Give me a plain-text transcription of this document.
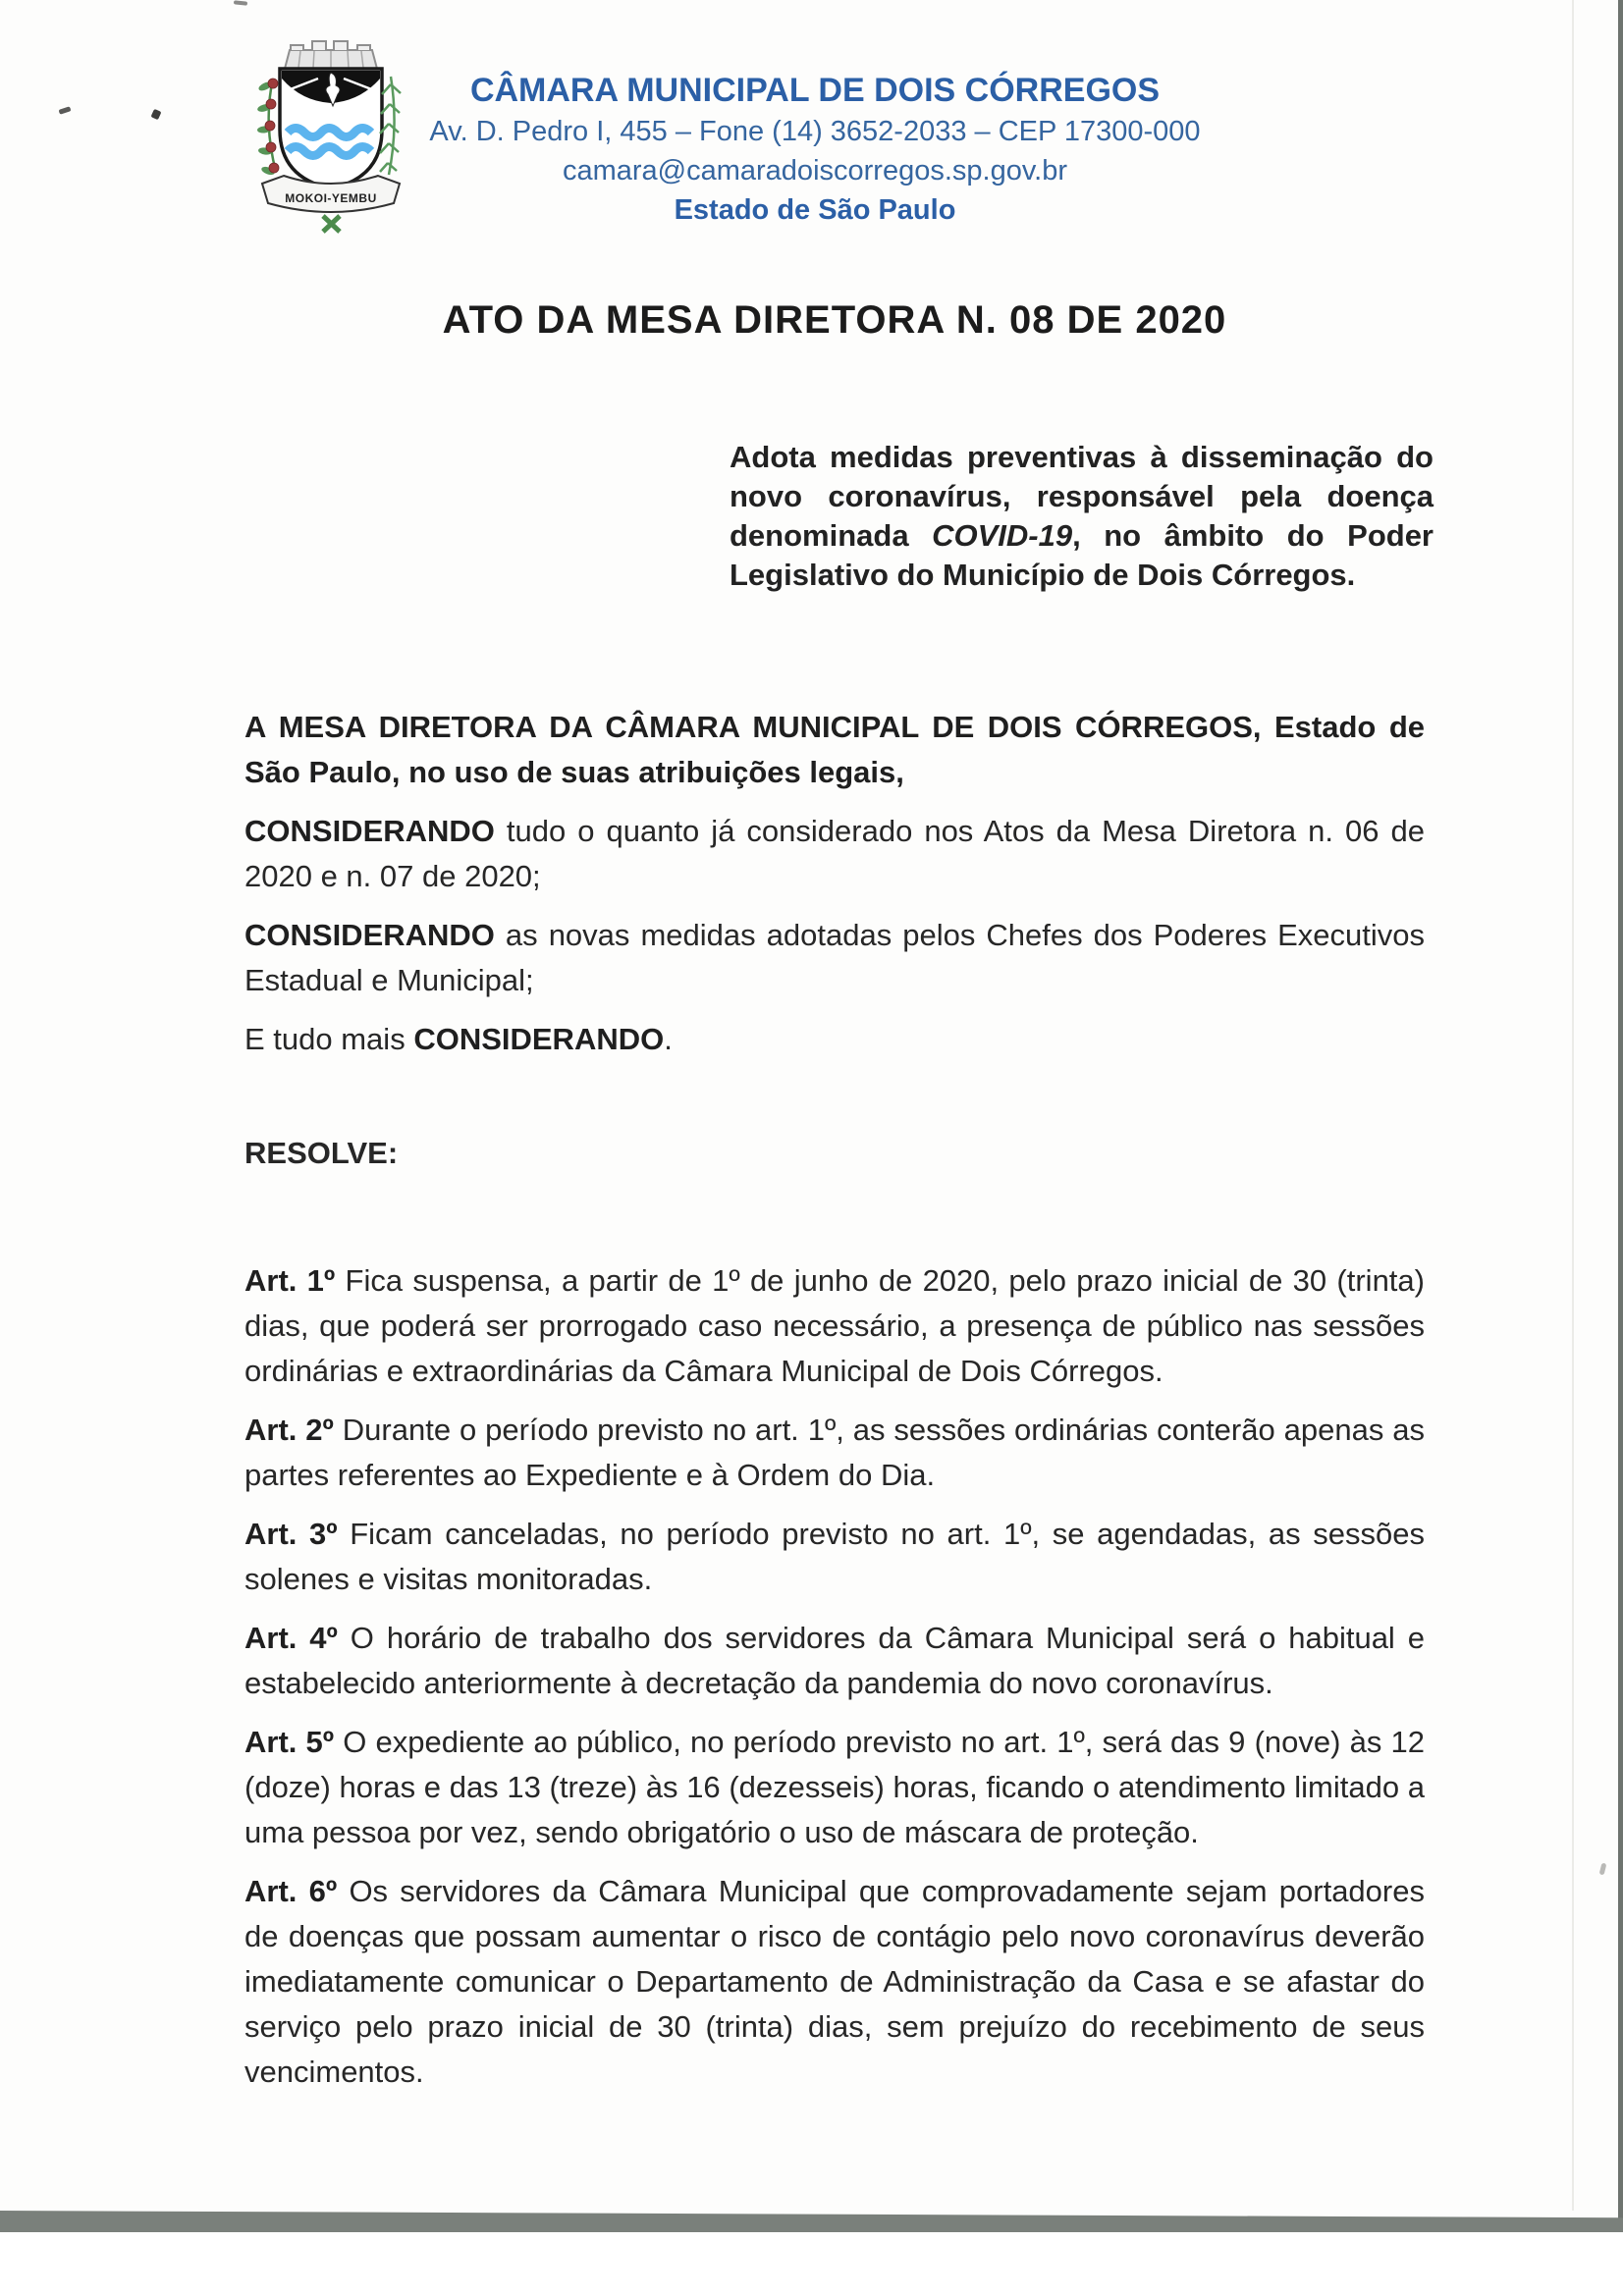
MOKOI-YEMBU
CÂMARA MUNICIPAL DE DOIS CÓRREGOS
Av. D. Pedro I, 455 – Fone (14) 3652-2033 – CEP 17300-000
camara@camaradoiscorregos.sp.gov.br
Estado de São Paulo
ATO DA MESA DIRETORA N. 08 DE 2020
Adota medidas preventivas à disseminação do novo coronavírus, responsável pela doença denominada COVID-19, no âmbito do Poder Legislativo do Município de Dois Córregos.

A MESA DIRETORA DA CÂMARA MUNICIPAL DE DOIS CÓRREGOS, Estado de São Paulo, no uso de suas atribuições legais,

CONSIDERANDO tudo o quanto já considerado nos Atos da Mesa Diretora n. 06 de 2020 e n. 07 de 2020;

CONSIDERANDO as novas medidas adotadas pelos Chefes dos Poderes Executivos Estadual e Municipal;

E tudo mais CONSIDERANDO.

RESOLVE:

Art. 1º Fica suspensa, a partir de 1º de junho de 2020, pelo prazo inicial de 30 (trinta) dias, que poderá ser prorrogado caso necessário, a presença de público nas sessões ordinárias e extraordinárias da Câmara Municipal de Dois Córregos.

Art. 2º Durante o período previsto no art. 1º, as sessões ordinárias conterão apenas as partes referentes ao Expediente e à Ordem do Dia.

Art. 3º Ficam canceladas, no período previsto no art. 1º, se agendadas, as sessões solenes e visitas monitoradas.

Art. 4º O horário de trabalho dos servidores da Câmara Municipal será o habitual e estabelecido anteriormente à decretação da pandemia do novo coronavírus.

Art. 5º O expediente ao público, no período previsto no art. 1º, será das 9 (nove) às 12 (doze) horas e das 13 (treze) às 16 (dezesseis) horas, ficando o atendimento limitado a uma pessoa por vez, sendo obrigatório o uso de máscara de proteção.

Art. 6º Os servidores da Câmara Municipal que comprovadamente sejam portadores de doenças que possam aumentar o risco de contágio pelo novo coronavírus deverão imediatamente comunicar o Departamento de Administração da Casa e se afastar do serviço pelo prazo inicial de 30 (trinta) dias, sem prejuízo do recebimento de seus vencimentos.
